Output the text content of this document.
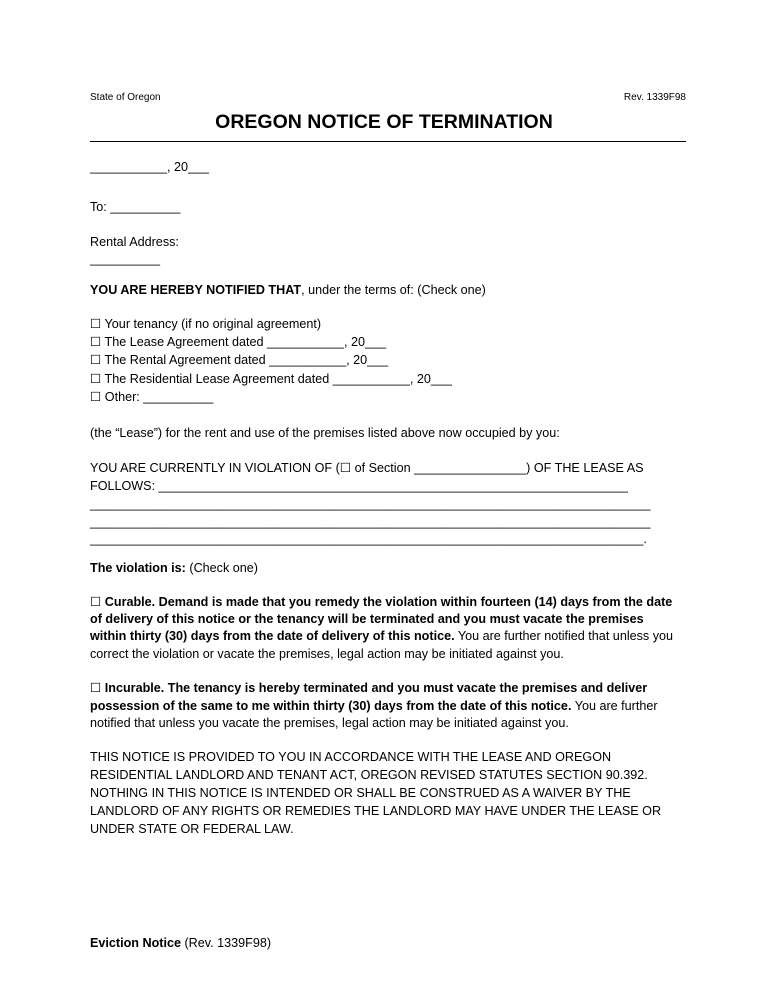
State of Oregon	Rev. 1339F98
OREGON NOTICE OF TERMINATION
___________, 20___
To: __________
Rental Address:
__________
YOU ARE HEREBY NOTIFIED THAT, under the terms of: (Check one)
☐ Your tenancy (if no original agreement)
☐ The Lease Agreement dated ___________, 20___
☐ The Rental Agreement dated ___________, 20___
☐ The Residential Lease Agreement dated ___________, 20___
☐ Other: __________
(the “Lease”) for the rent and use of the premises listed above now occupied by you:
YOU ARE CURRENTLY IN VIOLATION OF (☐ of Section ________________) OF THE LEASE AS
FOLLOWS: ___________________________________________________________________
________________________________________________________________________________
________________________________________________________________________________
_______________________________________________________________________________.
The violation is: (Check one)
☐ Curable. Demand is made that you remedy the violation within fourteen (14) days from the date
of delivery of this notice or the tenancy will be terminated and you must vacate the premises
within thirty (30) days from the date of delivery of this notice. You are further notified that unless you
correct the violation or vacate the premises, legal action may be initiated against you.
☐ Incurable. The tenancy is hereby terminated and you must vacate the premises and deliver
possession of the same to me within thirty (30) days from the date of this notice. You are further
notified that unless you vacate the premises, legal action may be initiated against you.
THIS NOTICE IS PROVIDED TO YOU IN ACCORDANCE WITH THE LEASE AND OREGON
RESIDENTIAL LANDLORD AND TENANT ACT, OREGON REVISED STATUTES SECTION 90.392.
NOTHING IN THIS NOTICE IS INTENDED OR SHALL BE CONSTRUED AS A WAIVER BY THE
LANDLORD OF ANY RIGHTS OR REMEDIES THE LANDLORD MAY HAVE UNDER THE LEASE OR
UNDER STATE OR FEDERAL LAW.
Eviction Notice (Rev. 1339F98)
